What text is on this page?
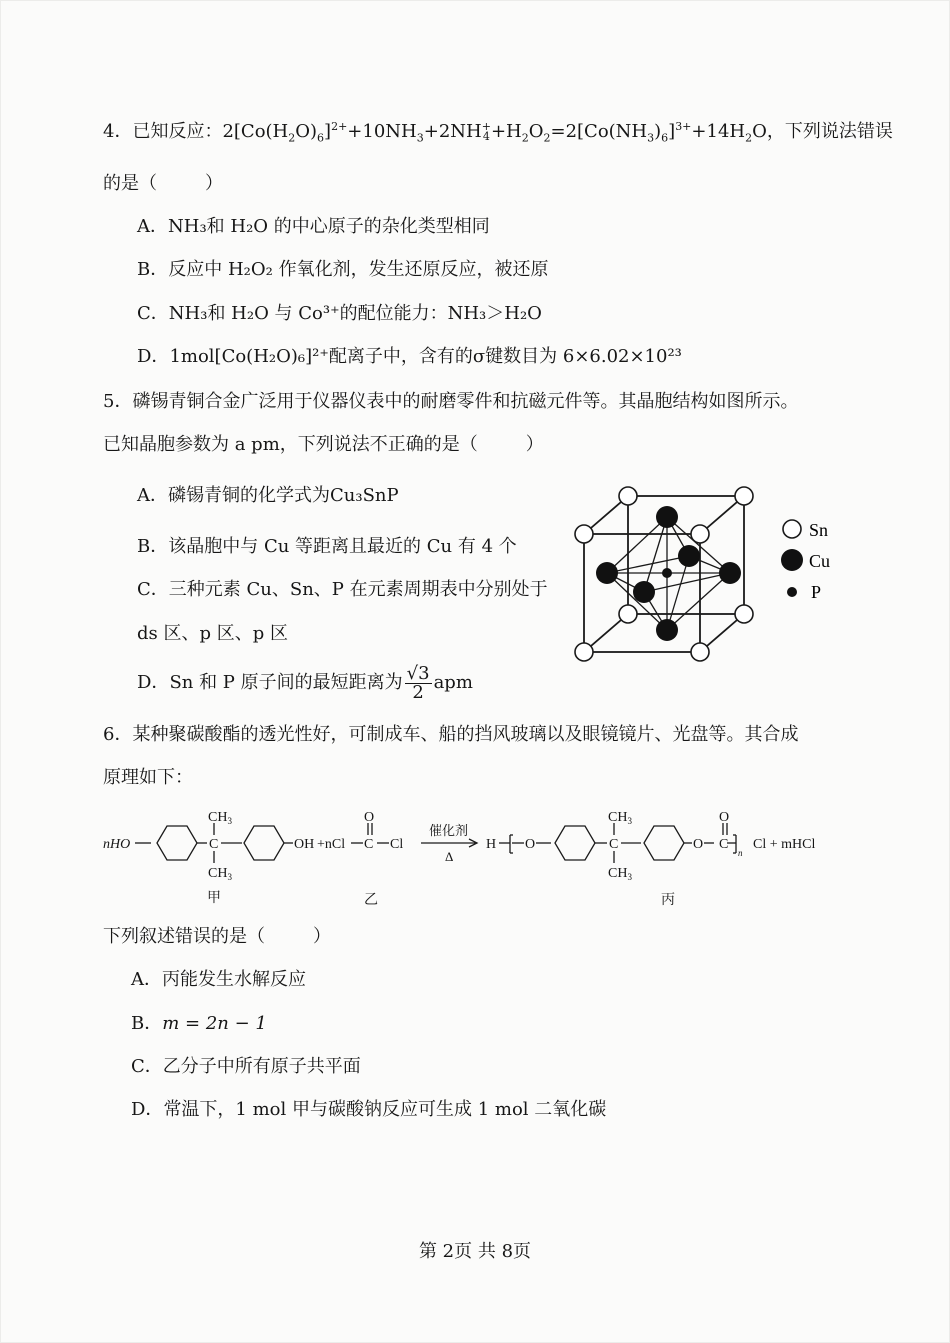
4．已知反应：$2[Co(H_2O)_6]^{2+}+10NH_3+2NH$ +
$4 +H_2O_2=2[Co(NH_3)_6]^{3+}+14H_2O$，下列说法错误
的是（	）
A．NH₃和 H₂O 的中心原子的杂化类型相同
B．反应中 H₂O₂ 作氧化剂，发生还原反应，被还原
C．NH₃和 H₂O 与 Co³⁺的配位能力：NH₃＞H₂O
D．1mol[Co(H₂O)₆]²⁺配离子中，含有的σ键数目为 6×6.02×10²³
5．磷锡青铜合金广泛用于仪器仪表中的耐磨零件和抗磁元件等。其晶胞结构如图所示。
已知晶胞参数为 a pm，下列说法不正确的是（	）
A．磷锡青铜的化学式为Cu₃SnP
B．该晶胞中与 Cu 等距离且最近的 Cu 有 4 个
C．三种元素 Cu、Sn、P 在元素周期表中分别处于
ds 区、p 区、p 区
D．Sn 和 P 原子间的最短距离为 $\frac{√3}{2}$ apm
Sn
Cu
P
6．某种聚碳酸酯的透光性好，可制成车、船的挡风玻璃以及眼镜镜片、光盘等。其合成
原理如下：
nHO
$CH_3$
C
$CH_3$
OH +nCl
O
C Cl
催化剂
Δ
H O
$CH_3$
C
$CH_3$
O
O
C
n
Cl + mHCl
甲	乙	丙
下列叙述错误的是（	）
A．丙能发生水解反应
B．m = 2n − 1
C．乙分子中所有原子共平面
D．常温下，1 mol 甲与碳酸钠反应可生成 1 mol 二氧化碳
第 2页 共 8页
